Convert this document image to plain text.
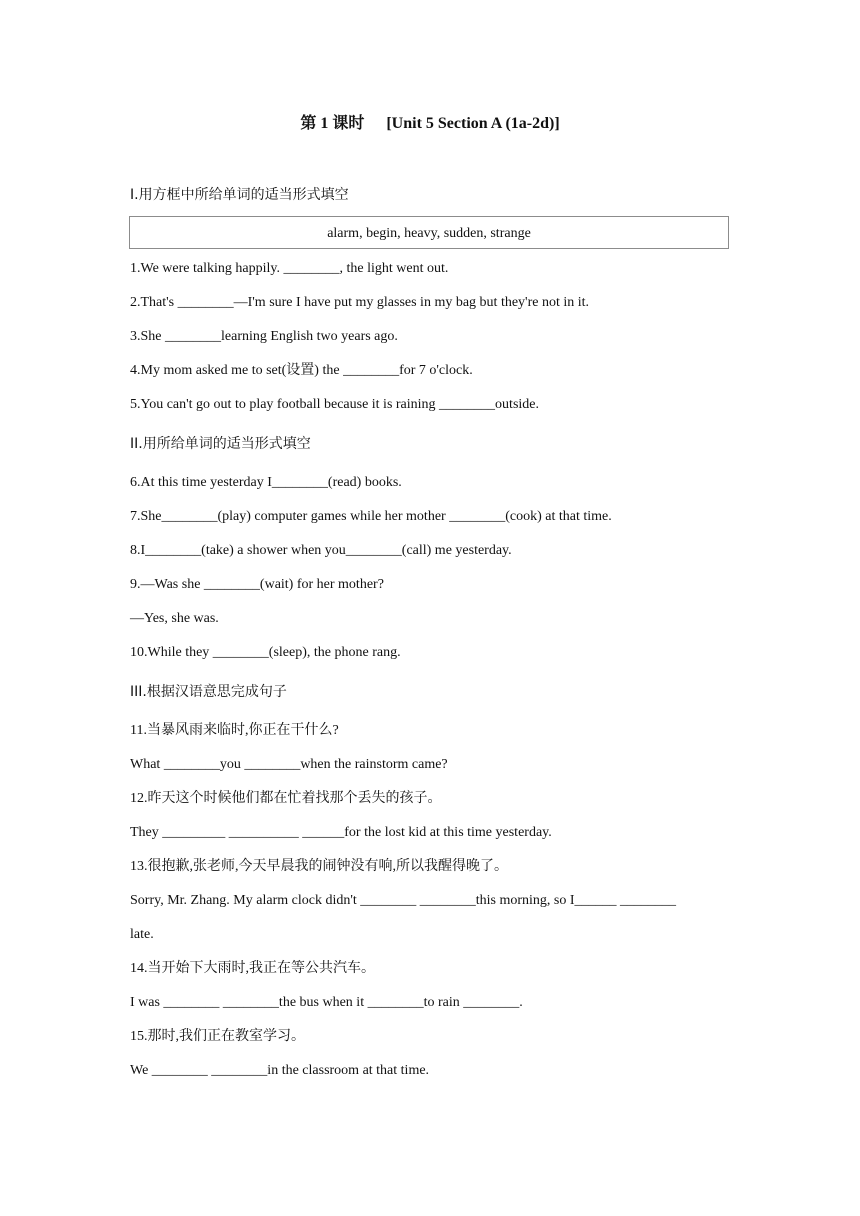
第 1 课时 [Unit 5 Section A (1a-2d)]
I.用方框中所给单词的适当形式填空
alarm, begin, heavy, sudden, strange
1.We were talking happily. ________, the light went out.
2.That's ________—I'm sure I have put my glasses in my bag but they're not in it.
3.She ________learning English two years ago.
4.My mom asked me to set(设置) the ________for 7 o'clock.
5.You can't go out to play football because it is raining ________outside.
II.用所给单词的适当形式填空
6.At this time yesterday I________(read) books.
7.She________(play) computer games while her mother ________(cook) at that time.
8.I________(take) a shower when you________(call) me yesterday.
9.—Was she ________(wait) for her mother?
—Yes, she was.
10.While they ________(sleep), the phone rang.
III.根据汉语意思完成句子
11.当暴风雨来临时,你正在干什么?
What ________you ________when the rainstorm came?
12.昨天这个时候他们都在忙着找那个丢失的孩子。
They _________ __________ ______for the lost kid at this time yesterday.
13.很抱歉,张老师,今天早晨我的闹钟没有响,所以我醒得晚了。
Sorry, Mr. Zhang. My alarm clock didn't ________ ________this morning, so I______ ________
late.
14.当开始下大雨时,我正在等公共汽车。
I was ________ ________the bus when it ________to rain ________.
15.那时,我们正在教室学习。
We ________ ________in the classroom at that time.
